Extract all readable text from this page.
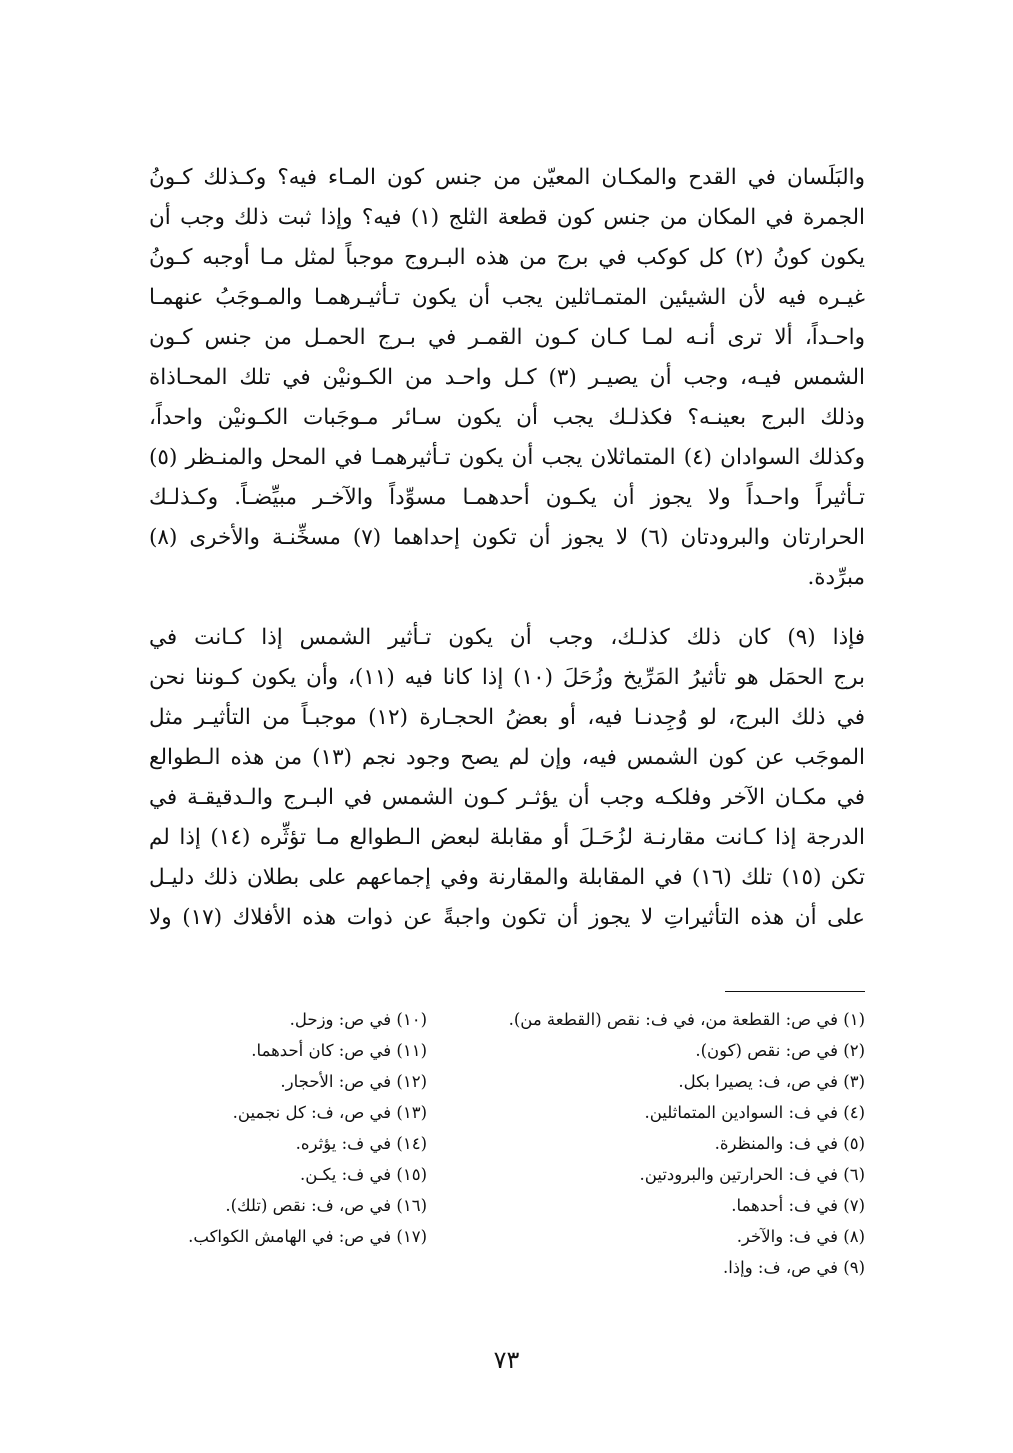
والبَلَسان في القدح والمكـان المعيّن من جنس كون المـاء فيه؟ وكـذلك كـونُ
الجمرة في المكان من جنس كون قطعة الثلج (١) فيه؟ وإذا ثبت ذلك وجب أن
يكون كونُ (٢) كل كوكب في برج من هذه البـروج موجباً لمثل مـا أوجبه كـونُ
غيـره فيه لأن الشيئين المتمـاثلين يجب أن يكون تـأثيـرهمـا والمـوجَبُ عنهمـا
واحـداً، ألا ترى أنـه لمـا كـان كـون القمـر في بـرج الحمـل من جنس كـون
الشمس فيـه، وجب أن يصيـر (٣) كـل واحـد من الكـونيْن في تلك المحـاذاة
وذلك البرج بعينـه؟ فكذلـك يجب أن يكون سـائر مـوجَبات الكـونيْن واحداً،
وكذلك السوادان (٤) المتماثلان يجب أن يكون تـأثيرهمـا في المحل والمنـظر (٥)
تـأثيراً واحـداً ولا يجوز أن يكـون أحدهمـا مسوِّداً والآخـر مبيِّضـاً. وكـذلـك
الحرارتان والبرودتان (٦) لا يجوز أن تكون إحداهما (٧) مسخِّنـة والأخرى (٨)
مبرِّدة.
فإذا (٩) كان ذلك كذلـك، وجب أن يكون تـأثير الشمس إذا كـانت في
برج الحمَل هو تأثيرُ المَرِّيخ وزُحَلَ (١٠) إذا كانا فيه (١١)، وأن يكون كـوننا نحن
في ذلك البرج، لو وُجِدنـا فيه، أو بعضُ الحجـارة (١٢) موجبـاً من التأثيـر مثل
الموجَب عن كون الشمس فيه، وإن لم يصح وجود نجم (١٣) من هذه الـطوالع
في مكـان الآخر وفلكـه وجب أن يؤثـر كـون الشمس في البـرج والـدقيقـة في
الدرجة إذا كـانت مقارنـة لزُحَـلَ أو مقابلة لبعض الـطوالع مـا تؤثِّره (١٤) إذا لم
تكن (١٥) تلك (١٦) في المقابلة والمقارنة وفي إجماعهم على بطلان ذلك دليـل
على أن هذه التأثيراتِ لا يجوز أن تكون واجبةً عن ذوات هذه الأفلاك (١٧) ولا
(١) في ص: القطعة من، في ف: نقص (القطعة من).
(٢) في ص: نقص (كون).
(٣) في ص، ف: يصيرا بكل.
(٤) في ف: السوادين المتماثلين.
(٥) في ف: والمنظرة.
(٦) في ف: الحرارتين والبرودتين.
(٧) في ف: أحدهما.
(٨) في ف: والآخر.
(٩) في ص، ف: وإذا.
(١٠) في ص: وزحل.
(١١) في ص: كان أحدهما.
(١٢) في ص: الأحجار.
(١٣) في ص، ف: كل نجمين.
(١٤) في ف: يؤثره.
(١٥) في ف: يكـن.
(١٦) في ص، ف: نقص (تلك).
(١٧) في ص: في الهامش الكواكب.
٧٣
